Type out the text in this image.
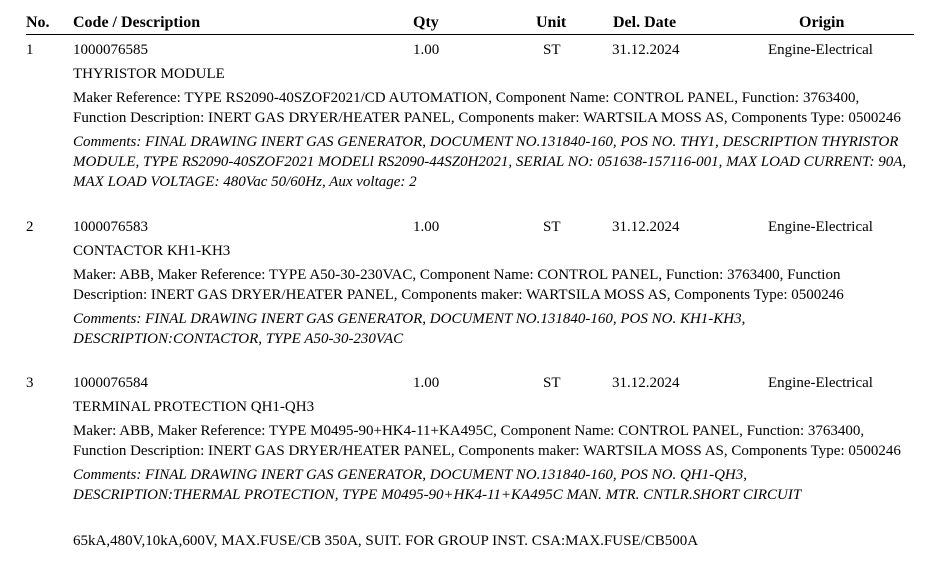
No. Code / Description	Qty	Unit	Del. Date	Origin
1	1000076585	1.00	ST	31.12.2024	Engine-Electrical
THYRISTOR MODULE
Maker Reference: TYPE RS2090-40SZOF2021/CD AUTOMATION, Component Name: CONTROL PANEL, Function: 3763400, Function Description: INERT GAS DRYER/HEATER PANEL, Components maker: WARTSILA MOSS AS, Components Type: 0500246
Comments: FINAL DRAWING INERT GAS GENERATOR, DOCUMENT NO.131840-160, POS NO. THY1, DESCRIPTION THYRISTOR MODULE, TYPE RS2090-40SZOF2021 MODELl RS2090-44SZ0H2021, SERIAL NO: 051638-157116-001, MAX LOAD CURRENT: 90A, MAX LOAD VOLTAGE: 480Vac 50/60Hz, Aux voltage: 2
2	1000076583	1.00	ST	31.12.2024	Engine-Electrical
CONTACTOR KH1-KH3
Maker: ABB, Maker Reference: TYPE A50-30-230VAC, Component Name: CONTROL PANEL, Function: 3763400, Function Description: INERT GAS DRYER/HEATER PANEL, Components maker: WARTSILA MOSS AS, Components Type: 0500246
Comments: FINAL DRAWING INERT GAS GENERATOR, DOCUMENT NO.131840-160, POS NO. KH1-KH3, DESCRIPTION:CONTACTOR, TYPE A50-30-230VAC
3	1000076584	1.00	ST	31.12.2024	Engine-Electrical
TERMINAL PROTECTION QH1-QH3
Maker: ABB, Maker Reference: TYPE M0495-90+HK4-11+KA495C, Component Name: CONTROL PANEL, Function: 3763400, Function Description: INERT GAS DRYER/HEATER PANEL, Components maker: WARTSILA MOSS AS, Components Type: 0500246
Comments: FINAL DRAWING INERT GAS GENERATOR, DOCUMENT NO.131840-160, POS NO. QH1-QH3, DESCRIPTION:THERMAL PROTECTION, TYPE M0495-90+HK4-11+KA495C MAN. MTR. CNTLR.SHORT CIRCUIT
65kA,480V,10kA,600V, MAX.FUSE/CB 350A, SUIT. FOR GROUP INST. CSA:MAX.FUSE/CB500A
